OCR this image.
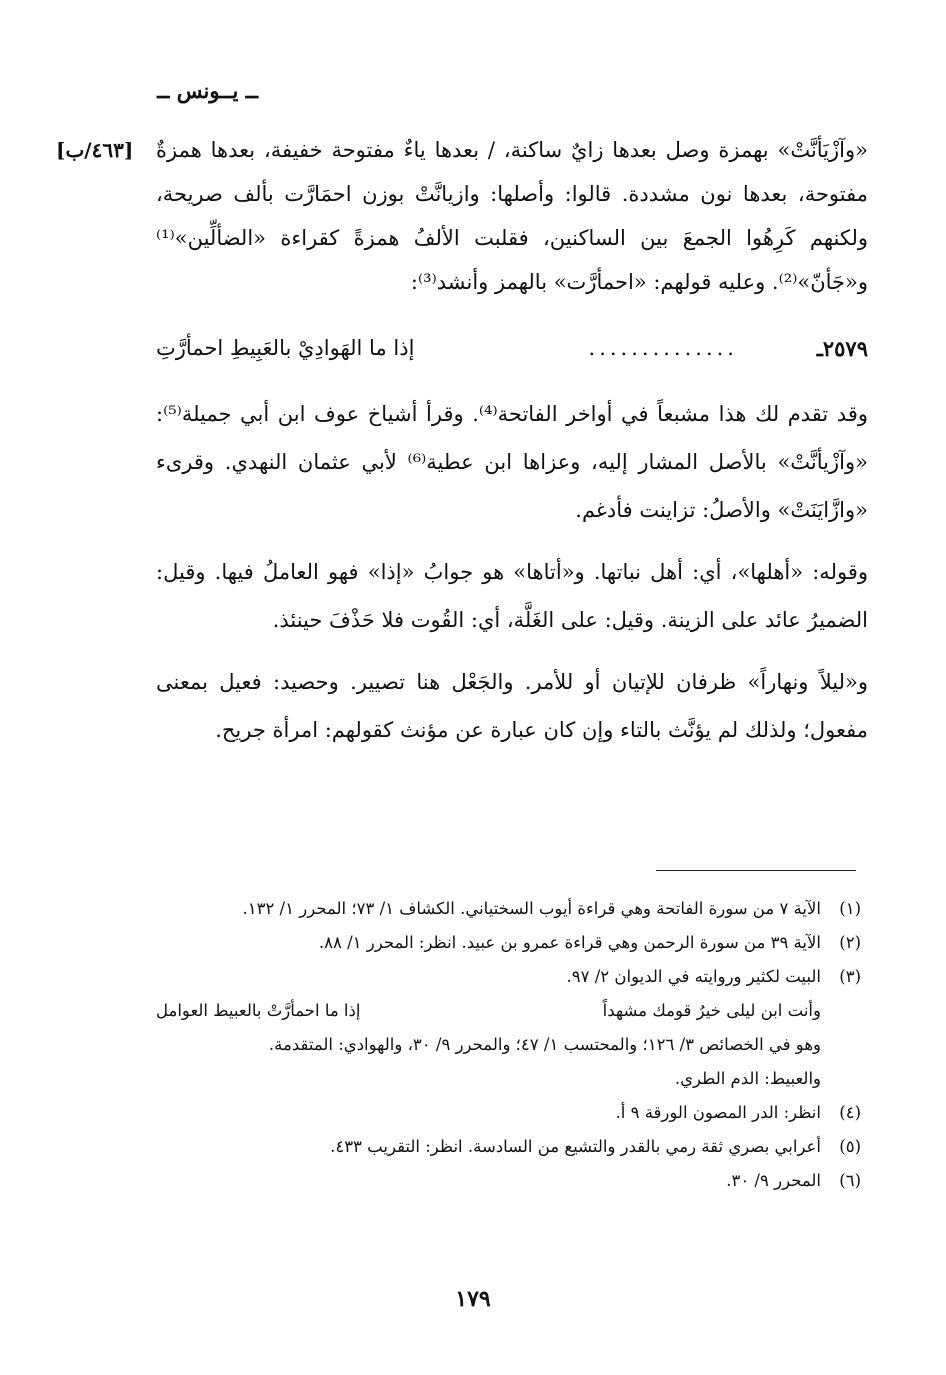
ــ يــونس ــ
[٤٦٣/ب] «وآزْيَأنَّتْ» بهمزة وصل بعدها زايٌ ساكنة، / بعدها ياءٌ مفتوحة خفيفة، بعدها همزةٌ مفتوحة، بعدها نون مشددة. قالوا: وأصلها: وازيانَّتْ بوزن احمَارَّت بألف صريحة، ولكنهم كَرِهُوا الجمعَ بين الساكنين، فقلبت الألفُ همزةً كقراءة «الضألِّين»⁽¹⁾ و«جَأنّ»⁽²⁾. وعليه قولهم: «احمأرَّت» بالهمز وأنشد⁽³⁾:

٢٥٧٩ـ
..............
إذا ما الهَوادِيْ بالعَبِيطِ احمأرَّتِ

وقد تقدم لك هذا مشبعاً في أواخر الفاتحة⁽⁴⁾. وقرأ أشياخ عوف ابن أبي جميلة⁽⁵⁾: «وآزْيأنَّتْ» بالأصل المشار إليه، وعزاها ابن عطية⁽⁶⁾ لأبي عثمان النهدي. وقرىء «وازَّايَنَتْ» والأصلُ: تزاينت فأدغم.

وقوله: «أهلها»، أي: أهل نباتها. و«أتاها» هو جوابُ «إذا» فهو العاملُ فيها. وقيل: الضميرُ عائد على الزينة. وقيل: على الغَلَّة، أي: القُوت فلا حَذْفَ حينئذ.

و«ليلاً ونهاراً» ظرفان للإتيان أو للأمر. والجَعْل هنا تصيير. وحصيد: فعيل بمعنى مفعول؛ ولذلك لم يؤنَّث بالتاء وإن كان عبارة عن مؤنث كقولهم: امرأة جريح.

(١)
الآية ٧ من سورة الفاتحة وهي قراءة أيوب السختياني. الكشاف ١/ ٧٣؛ المحرر ١/ ١٣٢.
(٢)
الآية ٣٩ من سورة الرحمن وهي قراءة عمرو بن عبيد. انظر: المحرر ١/ ٨٨.
(٣)
البيت لكثير وروايته في الديوان ٢/ ٩٧.
وأنت ابن ليلى خيرُ قومك مشهداً
إذا ما احمأرَّتْ بالعبيط العوامل
وهو في الخصائص ٣/ ١٢٦؛ والمحتسب ١/ ٤٧؛ والمحرر ٩/ ٣٠، والهوادي: المتقدمة.
والعبيط: الدم الطري.
(٤)
انظر: الدر المصون الورقة ٩ أ.
(٥)
أعرابي بصري ثقة رمي بالقدر والتشيع من السادسة. انظر: التقريب ٤٣٣.
(٦)
المحرر ٩/ ٣٠.
١٧٩
